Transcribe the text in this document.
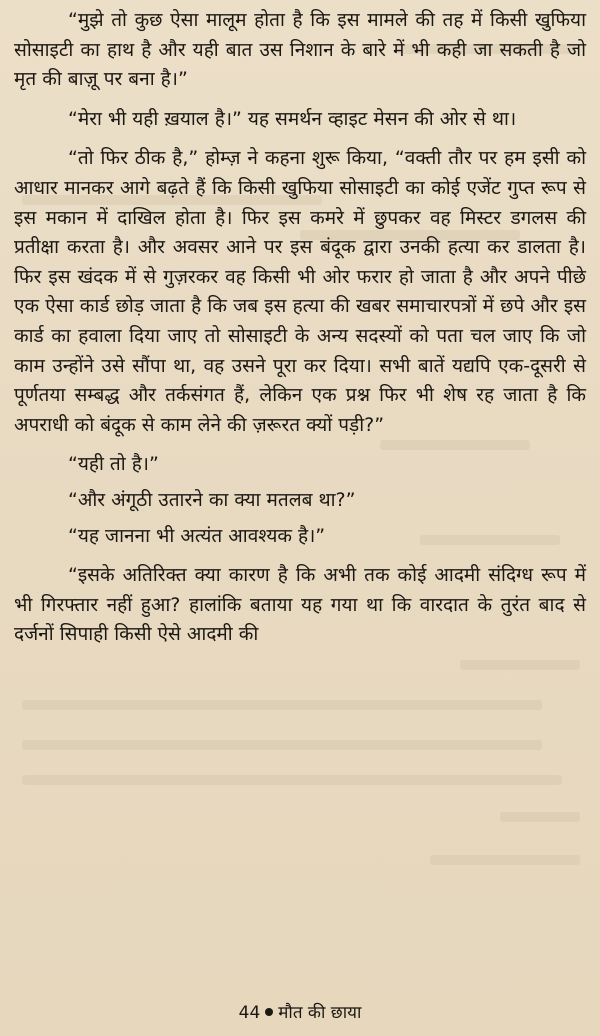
“मुझे तो कुछ ऐसा मालूम होता है कि इस मामले की तह में किसी खुफिया सोसाइटी का हाथ है और यही बात उस निशान के बारे में भी कही जा सकती है जो मृत की बाज़ू पर बना है।”

“मेरा भी यही ख़याल है।” यह समर्थन व्हाइट मेसन की ओर से था।

“तो फिर ठीक है,” होम्ज़ ने कहना शुरू किया, “वक्ती तौर पर हम इसी को आधार मानकर आगे बढ़ते हैं कि किसी खुफिया सोसाइटी का कोई एजेंट गुप्त रूप से इस मकान में दाखिल होता है। फिर इस कमरे में छुपकर वह मिस्टर डगलस की प्रतीक्षा करता है। और अवसर आने पर इस बंदूक द्वारा उनकी हत्या कर डालता है। फिर इस खंदक में से गुज़रकर वह किसी भी ओर फरार हो जाता है और अपने पीछे एक ऐसा कार्ड छोड़ जाता है कि जब इस हत्या की खबर समाचारपत्रों में छपे और इस कार्ड का हवाला दिया जाए तो सोसाइटी के अन्य सदस्यों को पता चल जाए कि जो काम उन्होंने उसे सौंपा था, वह उसने पूरा कर दिया। सभी बातें यद्यपि एक-दूसरी से पूर्णतया सम्बद्ध और तर्कसंगत हैं, लेकिन एक प्रश्न फिर भी शेष रह जाता है कि अपराधी को बंदूक से काम लेने की ज़रूरत क्यों पड़ी?”

“यही तो है।”

“और अंगूठी उतारने का क्या मतलब था?”

“यह जानना भी अत्यंत आवश्यक है।”

“इसके अतिरिक्त क्या कारण है कि अभी तक कोई आदमी संदिग्ध रूप में भी गिरफ्तार नहीं हुआ? हालांकि बताया यह गया था कि वारदात के तुरंत बाद से दर्जनों सिपाही किसी ऐसे आदमी की

44 मौत की छाया
